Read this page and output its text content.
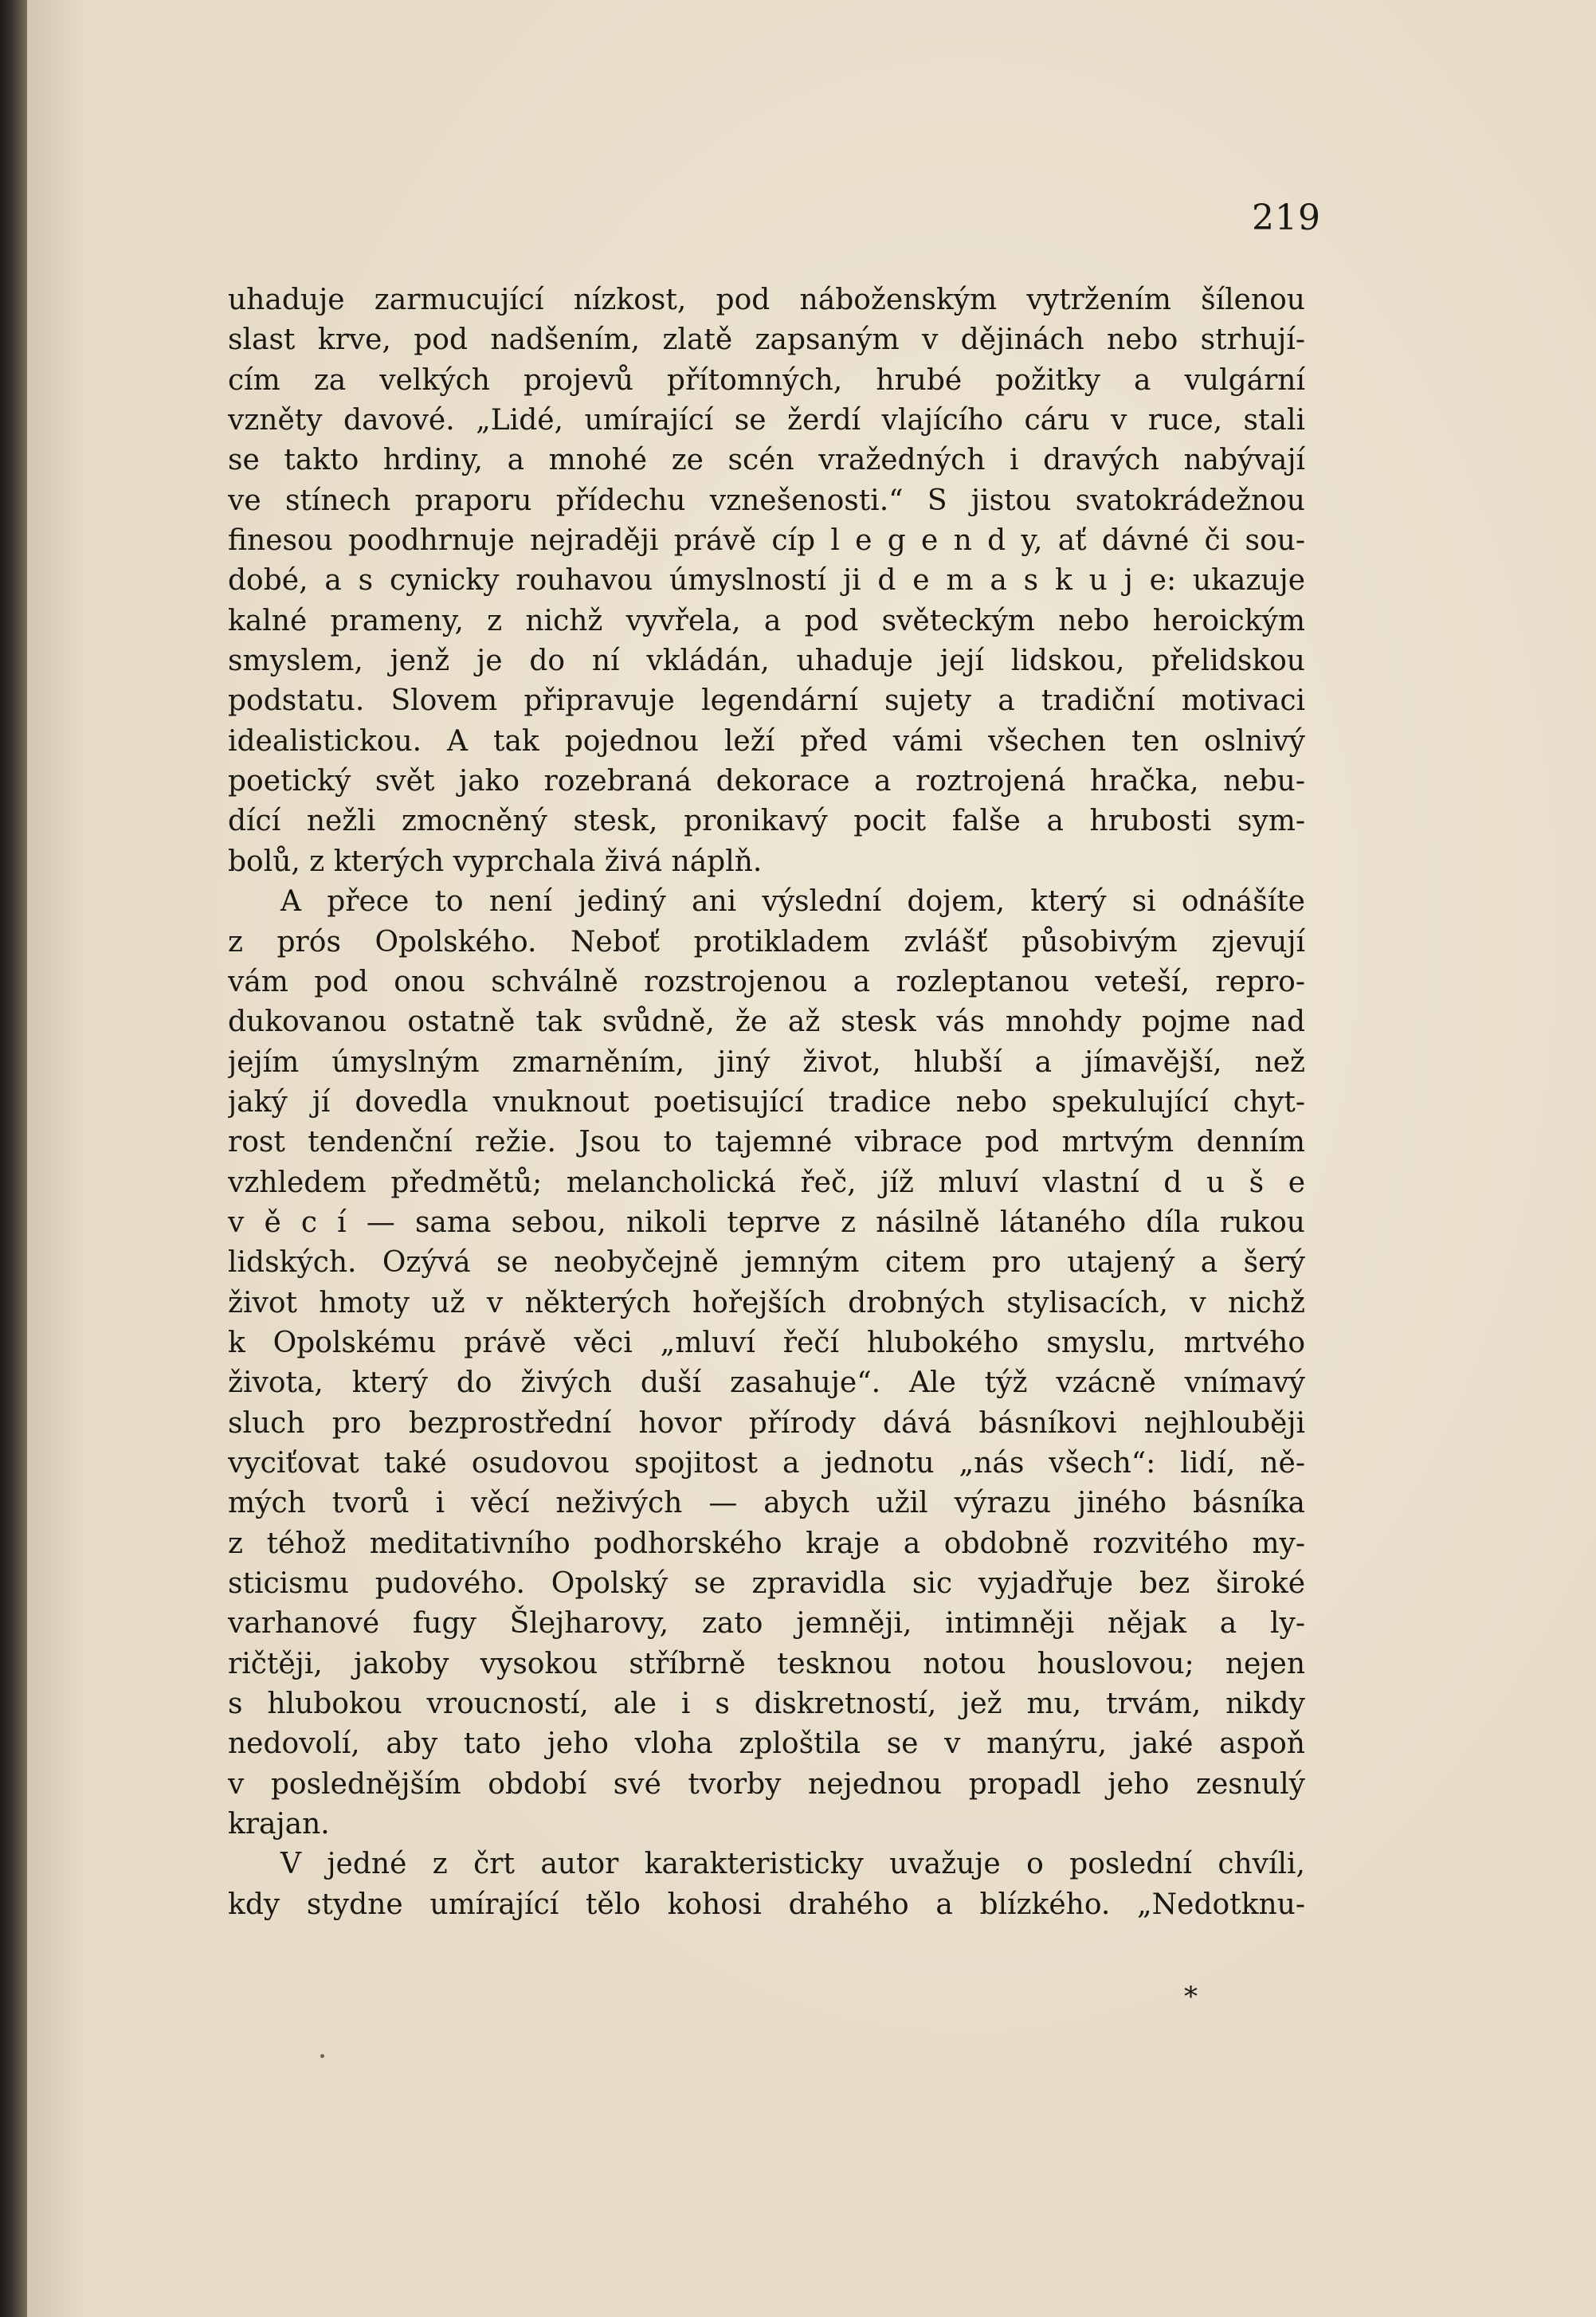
219
uhaduje zarmucující nízkost, pod náboženským vytržením šílenou
slast krve, pod nadšením, zlatě zapsaným v dějinách nebo strhují-
cím za velkých projevů přítomných, hrubé požitky a vulgární
vzněty davové. „Lidé, umírající se žerdí vlajícího cáru v ruce, stali
se takto hrdiny, a mnohé ze scén vražedných i dravých nabývají
ve stínech praporu přídechu vznešenosti.“ S jistou svatokrádežnou
finesou poodhrnuje nejraději právě cíp l e g e n d y, ať dávné či sou-
dobé, a s cynicky rouhavou úmyslností ji d e m a s k u j e: ukazuje
kalné prameny, z nichž vyvřela, a pod světeckým nebo heroickým
smyslem, jenž je do ní vkládán, uhaduje její lidskou, přelidskou
podstatu. Slovem připravuje legendární sujety a tradiční motivaci
idealistickou. A tak pojednou leží před vámi všechen ten oslnivý
poetický svět jako rozebraná dekorace a roztrojená hračka, nebu-
dící nežli zmocněný stesk, pronikavý pocit falše a hrubosti sym-
bolů, z kterých vyprchala živá náplň.
A přece to není jediný ani výslední dojem, který si odnášíte
z prós Opolského. Neboť protikladem zvlášť působivým zjevují
vám pod onou schválně rozstrojenou a rozleptanou veteší, repro-
dukovanou ostatně tak svůdně, že až stesk vás mnohdy pojme nad
jejím úmyslným zmarněním, jiný život, hlubší a jímavější, než
jaký jí dovedla vnuknout poetisující tradice nebo spekulující chyt-
rost tendenční režie. Jsou to tajemné vibrace pod mrtvým denním
vzhledem předmětů; melancholická řeč, jíž mluví vlastní d u š e
v ě c í — sama sebou, nikoli teprve z násilně látaného díla rukou
lidských. Ozývá se neobyčejně jemným citem pro utajený a šerý
život hmoty už v některých hořejších drobných stylisacích, v nichž
k Opolskému právě věci „mluví řečí hlubokého smyslu, mrtvého
života, který do živých duší zasahuje“. Ale týž vzácně vnímavý
sluch pro bezprostřední hovor přírody dává básníkovi nejhlouběji
vyciťovat také osudovou spojitost a jednotu „nás všech“: lidí, ně-
mých tvorů i věcí neživých — abych užil výrazu jiného básníka
z téhož meditativního podhorského kraje a obdobně rozvitého my-
sticismu pudového. Opolský se zpravidla sic vyjadřuje bez široké
varhanové fugy Šlejharovy, zato jemněji, intimněji nějak a ly-
ričtěji, jakoby vysokou stříbrně tesknou notou houslovou; nejen
s hlubokou vroucností, ale i s diskretností, jež mu, trvám, nikdy
nedovolí, aby tato jeho vloha zploštila se v manýru, jaké aspoň
v poslednějším období své tvorby nejednou propadl jeho zesnulý
krajan.
V jedné z črt autor karakteristicky uvažuje o poslední chvíli,
kdy stydne umírající tělo kohosi drahého a blízkého. „Nedotknu-
*
